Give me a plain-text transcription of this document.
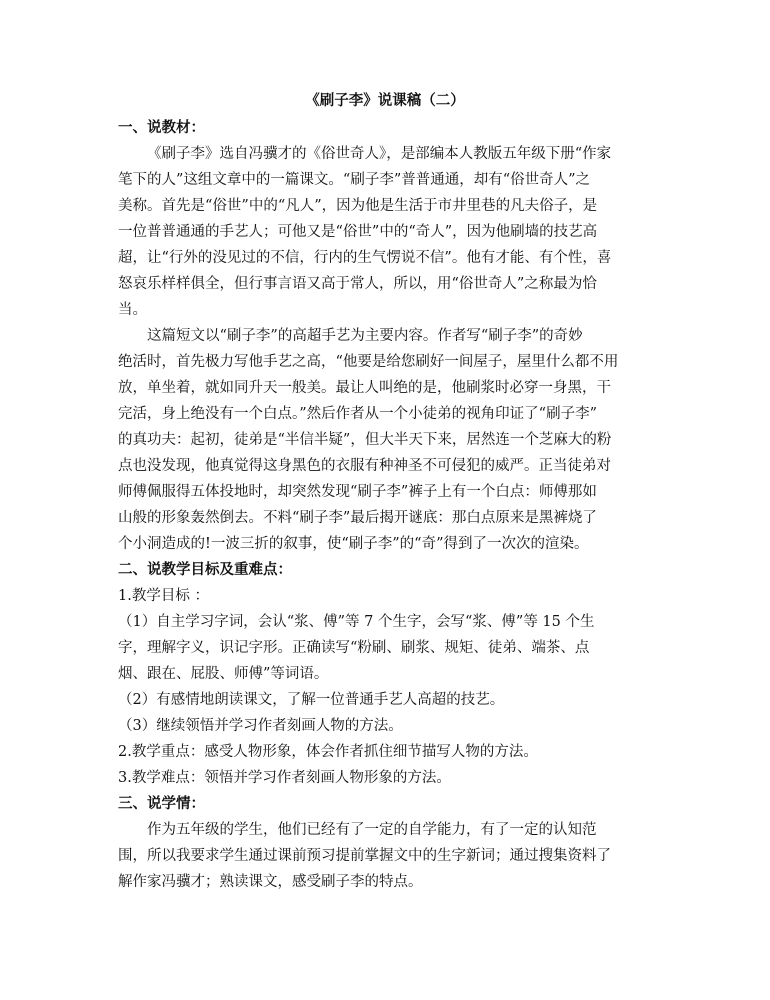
《刷子李》说课稿（二）
一、说教材：
《刷子李》选自冯骥才的《俗世奇人》，是部编本人教版五年级下册“作家
笔下的人”这组文章中的一篇课文。“刷子李”普普通通，却有“俗世奇人”之
美称。首先是“俗世”中的“凡人”，因为他是生活于市井里巷的凡夫俗子，是
一位普普通通的手艺人；可他又是“俗世”中的“奇人”，因为他刷墙的技艺高
超，让“行外的没见过的不信，行内的生气愣说不信”。他有才能、有个性，喜
怒哀乐样样俱全，但行事言语又高于常人，所以，用“俗世奇人”之称最为恰
当。
这篇短文以“刷子李”的高超手艺为主要内容。作者写“刷子李”的奇妙
绝活时，首先极力写他手艺之高，“他要是给您刷好一间屋子，屋里什么都不用
放，单坐着，就如同升天一般美。最让人叫绝的是，他刷浆时必穿一身黑，干
完活，身上绝没有一个白点。”然后作者从一个小徒弟的视角印证了“刷子李”
的真功夫：起初，徒弟是“半信半疑”，但大半天下来，居然连一个芝麻大的粉
点也没发现，他真觉得这身黑色的衣服有种神圣不可侵犯的威严。正当徒弟对
师傅佩服得五体投地时，却突然发现“刷子李”裤子上有一个白点：师傅那如
山般的形象轰然倒去。不料“刷子李”最后揭开谜底：那白点原来是黑裤烧了
个小洞造成的!一波三折的叙事，使“刷子李”的“奇”得到了一次次的渲染。
二、说教学目标及重难点：
1.教学目标 ：
（1）自主学习字词，会认“浆、傅”等 7 个生字，会写“浆、傅”等 15 个生
字，理解字义，识记字形。正确读写“粉刷、刷浆、规矩、徒弟、端茶、点
烟、跟在、屁股、师傅”等词语。
（2）有感情地朗读课文，了解一位普通手艺人高超的技艺。
（3）继续领悟并学习作者刻画人物的方法。
2.教学重点：感受人物形象，体会作者抓住细节描写人物的方法。
3.教学难点：领悟并学习作者刻画人物形象的方法。
三、说学情：
作为五年级的学生，他们已经有了一定的自学能力，有了一定的认知范
围，所以我要求学生通过课前预习提前掌握文中的生字新词；通过搜集资料了
解作家冯骥才；熟读课文，感受刷子李的特点。
